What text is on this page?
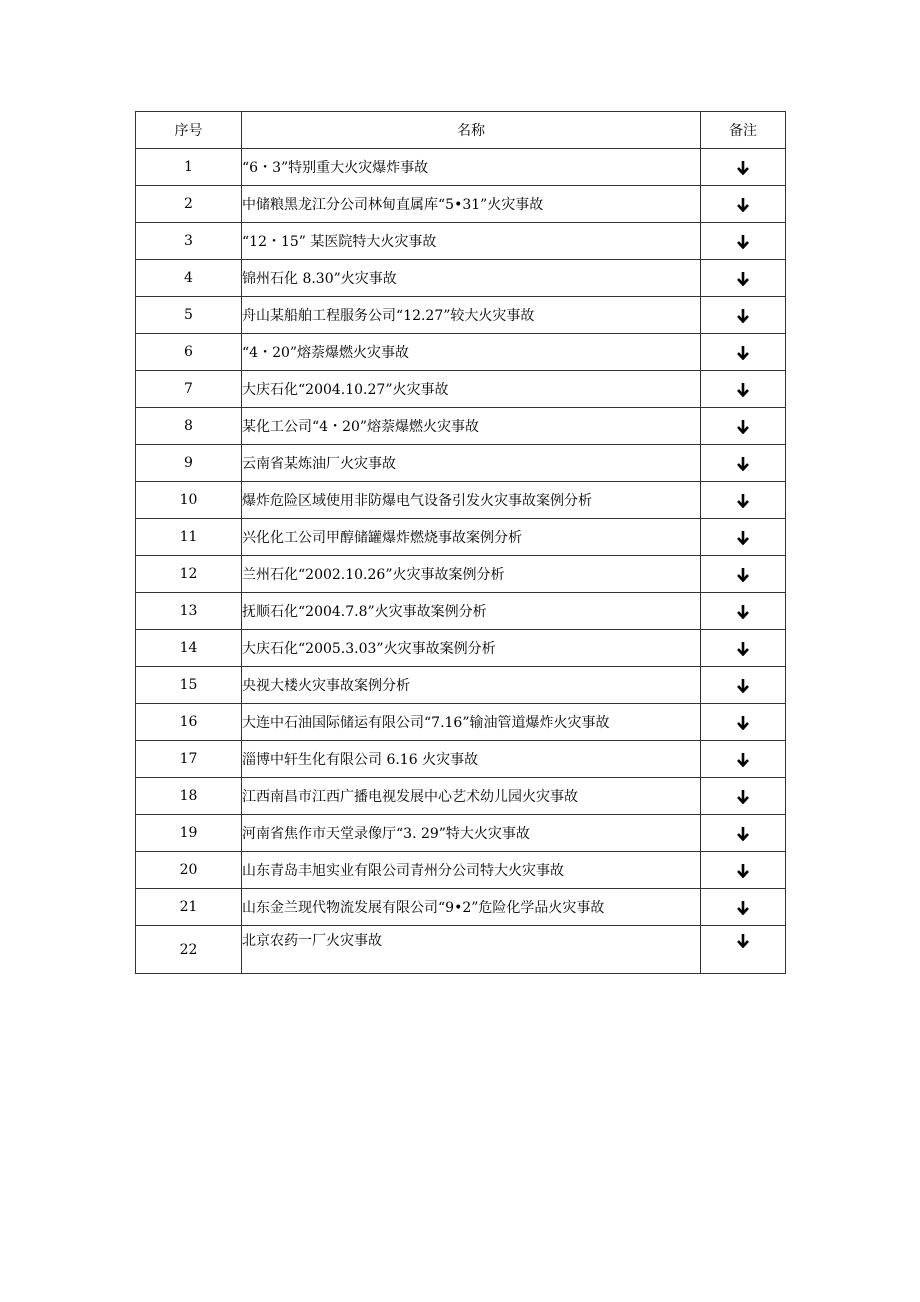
序号	名称	备注
1	“6・3”特别重大火灾爆炸事故	
2	中储粮黑龙江分公司林甸直属库“5•31”火灾事故	
3	“12・15” 某医院特大火灾事故	
4	锦州石化 8.30”火灾事故	
5	舟山某船舶工程服务公司“12.27”较大火灾事故	
6	“4・20”熔萘爆燃火灾事故	
7	大庆石化“2004.10.27”火灾事故	
8	某化工公司“4・20”熔萘爆燃火灾事故	
9	云南省某炼油厂火灾事故	
10	爆炸危险区域使用非防爆电气设备引发火灾事故案例分析	
11	兴化化工公司甲醇储罐爆炸燃烧事故案例分析	
12	兰州石化“2002.10.26”火灾事故案例分析	
13	抚顺石化“2004.7.8”火灾事故案例分析	
14	大庆石化“2005.3.03”火灾事故案例分析	
15	央视大楼火灾事故案例分析	
16	大连中石油国际储运有限公司“7.16”输油管道爆炸火灾事故	
17	淄博中轩生化有限公司 6.16 火灾事故	
18	江西南昌市江西广播电视发展中心艺术幼儿园火灾事故	
19	河南省焦作市天堂录像厅“3. 29”特大火灾事故	
20	山东青岛丰旭实业有限公司青州分公司特大火灾事故	
21	山东金兰现代物流发展有限公司“9•2”危险化学品火灾事故	
22	北京农药一厂火灾事故	
